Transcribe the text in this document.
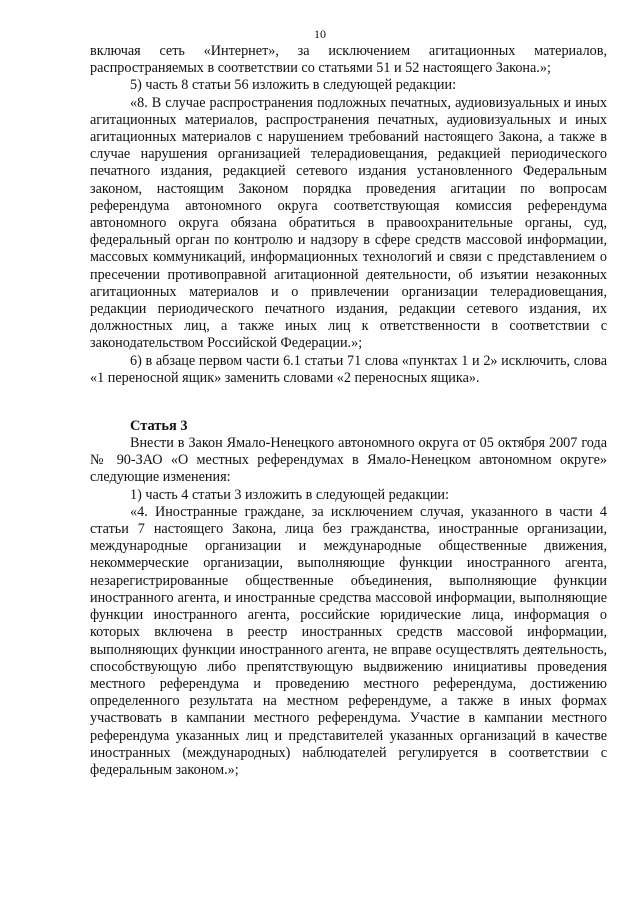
10

включая сеть «Интернет», за исключением агитационных материалов, распространяемых в соответствии со статьями 51 и 52 настоящего Закона.»;

5) часть 8 статьи 56 изложить в следующей редакции:

«8. В случае распространения подложных печатных, аудиовизуальных и иных агитационных материалов, распространения печатных, аудиовизуальных и иных агитационных материалов с нарушением требований настоящего Закона, а также в случае нарушения организацией телерадиовещания, редакцией периодического печатного издания, редакцией сетевого издания установленного Федеральным законом, настоящим Законом порядка проведения агитации по вопросам референдума автономного округа соответствующая комиссия референдума автономного округа обязана обратиться в правоохранительные органы, суд, федеральный орган по контролю и надзору в сфере средств массовой информации, массовых коммуникаций, информационных технологий и связи с представлением о пресечении противоправной агитационной деятельности, об изъятии незаконных агитационных материалов и о привлечении организации телерадиовещания, редакции периодического печатного издания, редакции сетевого издания, их должностных лиц, а также иных лиц к ответственности в соответствии с законодательством Российской Федерации.»;

6) в абзаце первом части 6.1 статьи 71 слова «пунктах 1 и 2» исключить, слова «1 переносной ящик» заменить словами «2 переносных ящика».

Статья 3

Внести в Закон Ямало-Ненецкого автономного округа от 05 октября 2007 года № 90-ЗАО «О местных референдумах в Ямало-Ненецком автономном округе» следующие изменения:

1) часть 4 статьи 3 изложить в следующей редакции:

«4. Иностранные граждане, за исключением случая, указанного в части 4 статьи 7 настоящего Закона, лица без гражданства, иностранные организации, международные организации и международные общественные движения, некоммерческие организации, выполняющие функции иностранного агента, незарегистрированные общественные объединения, выполняющие функции иностранного агента, и иностранные средства массовой информации, выполняющие функции иностранного агента, российские юридические лица, информация о которых включена в реестр иностранных средств массовой информации, выполняющих функции иностранного агента, не вправе осуществлять деятельность, способствующую либо препятствующую выдвижению инициативы проведения местного референдума и проведению местного референдума, достижению определенного результата на местном референдуме, а также в иных формах участвовать в кампании местного референдума. Участие в кампании местного референдума указанных лиц и представителей указанных организаций в качестве иностранных (международных) наблюдателей регулируется в соответствии с федеральным законом.»;
